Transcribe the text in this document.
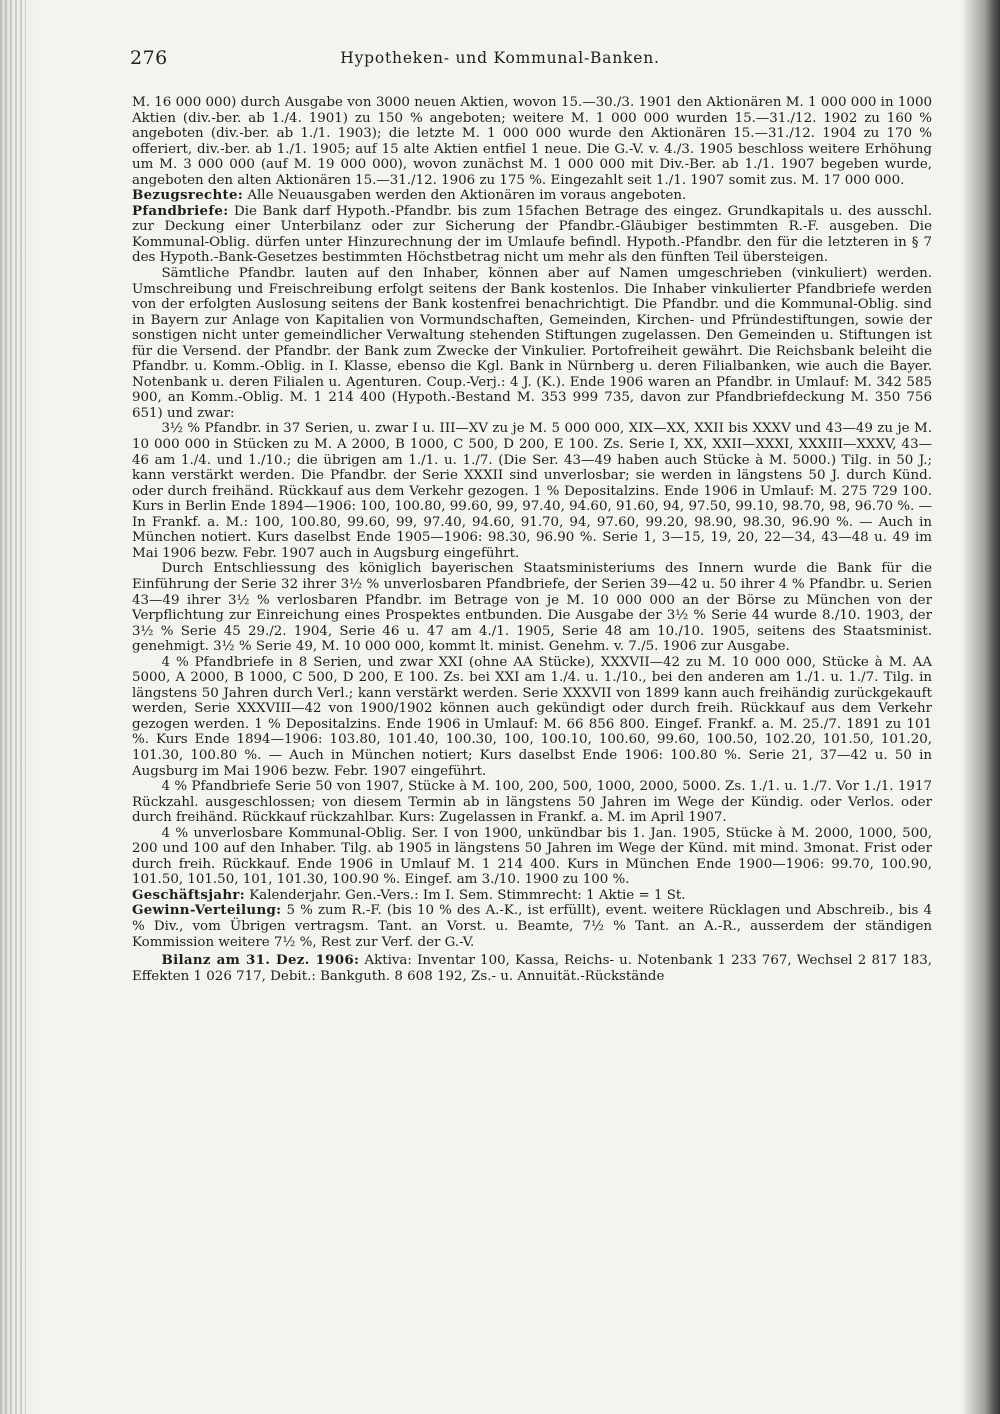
276	Hypotheken- und Kommunal-Banken.

M. 16 000 000) durch Ausgabe von 3000 neuen Aktien, wovon 15.—30./3. 1901 den Aktionären M. 1 000 000 in 1000 Aktien (div.-ber. ab 1./4. 1901) zu 150 % angeboten; weitere M. 1 000 000 wurden 15.—31./12. 1902 zu 160 % angeboten (div.-ber. ab 1./1. 1903); die letzte M. 1 000 000 wurde den Aktionären 15.—31./12. 1904 zu 170 % offeriert, div.-ber. ab 1./1. 1905; auf 15 alte Aktien entfiel 1 neue. Die G.-V. v. 4./3. 1905 beschloss weitere Erhöhung um M. 3 000 000 (auf M. 19 000 000), wovon zunächst M. 1 000 000 mit Div.-Ber. ab 1./1. 1907 begeben wurde, angeboten den alten Aktionären 15.—31./12. 1906 zu 175 %. Eingezahlt seit 1./1. 1907 somit zus. M. 17 000 000.

Bezugsrechte: Alle Neuausgaben werden den Aktionären im voraus angeboten.

Pfandbriefe: Die Bank darf Hypoth.-Pfandbr. bis zum 15fachen Betrage des eingez. Grundkapitals u. des ausschl. zur Deckung einer Unterbilanz oder zur Sicherung der Pfandbr.-Gläubiger bestimmten R.-F. ausgeben. Die Kommunal-Oblig. dürfen unter Hinzurechnung der im Umlaufe befindl. Hypoth.-Pfandbr. den für die letzteren in § 7 des Hypoth.-Bank-Gesetzes bestimmten Höchstbetrag nicht um mehr als den fünften Teil übersteigen.

Sämtliche Pfandbr. lauten auf den Inhaber, können aber auf Namen umgeschrieben (vinkuliert) werden. Umschreibung und Freischreibung erfolgt seitens der Bank kostenlos. Die Inhaber vinkulierter Pfandbriefe werden von der erfolgten Auslosung seitens der Bank kostenfrei benachrichtigt. Die Pfandbr. und die Kommunal-Oblig. sind in Bayern zur Anlage von Kapitalien von Vormundschaften, Gemeinden, Kirchen- und Pfründestiftungen, sowie der sonstigen nicht unter gemeindlicher Verwaltung stehenden Stiftungen zugelassen. Den Gemeinden u. Stiftungen ist für die Versend. der Pfandbr. der Bank zum Zwecke der Vinkulier. Portofreiheit gewährt. Die Reichsbank beleiht die Pfandbr. u. Komm.-Oblig. in I. Klasse, ebenso die Kgl. Bank in Nürnberg u. deren Filialbanken, wie auch die Bayer. Notenbank u. deren Filialen u. Agenturen. Coup.-Verj.: 4 J. (K.). Ende 1906 waren an Pfandbr. in Umlauf: M. 342 585 900, an Komm.-Oblig. M. 1 214 400 (Hypoth.-Bestand M. 353 999 735, davon zur Pfandbriefdeckung M. 350 756 651) und zwar:

3½ % Pfandbr. in 37 Serien, u. zwar I u. III—XV zu je M. 5 000 000, XIX—XX, XXII bis XXXV und 43—49 zu je M. 10 000 000 in Stücken zu M. A 2000, B 1000, C 500, D 200, E 100. Zs. Serie I, XX, XXII—XXXI, XXXIII—XXXV, 43—46 am 1./4. und 1./10.; die übrigen am 1./1. u. 1./7. (Die Ser. 43—49 haben auch Stücke à M. 5000.) Tilg. in 50 J.; kann verstärkt werden. Die Pfandbr. der Serie XXXII sind unverlosbar; sie werden in längstens 50 J. durch Künd. oder durch freihänd. Rückkauf aus dem Verkehr gezogen. 1 % Depositalzins. Ende 1906 in Umlauf: M. 275 729 100. Kurs in Berlin Ende 1894—1906: 100, 100.80, 99.60, 99, 97.40, 94.60, 91.60, 94, 97.50, 99.10, 98.70, 98, 96.70 %. — In Frankf. a. M.: 100, 100.80, 99.60, 99, 97.40, 94.60, 91.70, 94, 97.60, 99.20, 98.90, 98.30, 96.90 %. — Auch in München notiert. Kurs daselbst Ende 1905—1906: 98.30, 96.90 %. Serie 1, 3—15, 19, 20, 22—34, 43—48 u. 49 im Mai 1906 bezw. Febr. 1907 auch in Augsburg eingeführt.

Durch Entschliessung des königlich bayerischen Staatsministeriums des Innern wurde die Bank für die Einführung der Serie 32 ihrer 3½ % unverlosbaren Pfandbriefe, der Serien 39—42 u. 50 ihrer 4 % Pfandbr. u. Serien 43—49 ihrer 3½ % verlosbaren Pfandbr. im Betrage von je M. 10 000 000 an der Börse zu München von der Verpflichtung zur Einreichung eines Prospektes entbunden. Die Ausgabe der 3½ % Serie 44 wurde 8./10. 1903, der 3½ % Serie 45 29./2. 1904, Serie 46 u. 47 am 4./1. 1905, Serie 48 am 10./10. 1905, seitens des Staatsminist. genehmigt. 3½ % Serie 49, M. 10 000 000, kommt lt. minist. Genehm. v. 7./5. 1906 zur Ausgabe.

4 % Pfandbriefe in 8 Serien, und zwar XXI (ohne AA Stücke), XXXVII—42 zu M. 10 000 000, Stücke à M. AA 5000, A 2000, B 1000, C 500, D 200, E 100. Zs. bei XXI am 1./4. u. 1./10., bei den anderen am 1./1. u. 1./7. Tilg. in längstens 50 Jahren durch Verl.; kann verstärkt werden. Serie XXXVII von 1899 kann auch freihändig zurückgekauft werden, Serie XXXVIII—42 von 1900/1902 können auch gekündigt oder durch freih. Rückkauf aus dem Verkehr gezogen werden. 1 % Depositalzins. Ende 1906 in Umlauf: M. 66 856 800. Eingef. Frankf. a. M. 25./7. 1891 zu 101 %. Kurs Ende 1894—1906: 103.80, 101.40, 100.30, 100, 100.10, 100.60, 99.60, 100.50, 102.20, 101.50, 101.20, 101.30, 100.80 %. — Auch in München notiert; Kurs daselbst Ende 1906: 100.80 %. Serie 21, 37—42 u. 50 in Augsburg im Mai 1906 bezw. Febr. 1907 eingeführt.

4 % Pfandbriefe Serie 50 von 1907, Stücke à M. 100, 200, 500, 1000, 2000, 5000. Zs. 1./1. u. 1./7. Vor 1./1. 1917 Rückzahl. ausgeschlossen; von diesem Termin ab in längstens 50 Jahren im Wege der Kündig. oder Verlos. oder durch freihänd. Rückkauf rückzahlbar. Kurs: Zugelassen in Frankf. a. M. im April 1907.

4 % unverlosbare Kommunal-Oblig. Ser. I von 1900, unkündbar bis 1. Jan. 1905, Stücke à M. 2000, 1000, 500, 200 und 100 auf den Inhaber. Tilg. ab 1905 in längstens 50 Jahren im Wege der Künd. mit mind. 3monat. Frist oder durch freih. Rückkauf. Ende 1906 in Umlauf M. 1 214 400. Kurs in München Ende 1900—1906: 99.70, 100.90, 101.50, 101.50, 101, 101.30, 100.90 %. Eingef. am 3./10. 1900 zu 100 %.

Geschäftsjahr: Kalenderjahr. Gen.-Vers.: Im I. Sem. Stimmrecht: 1 Aktie = 1 St.

Gewinn-Verteilung: 5 % zum R.-F. (bis 10 % des A.-K., ist erfüllt), event. weitere Rücklagen und Abschreib., bis 4 % Div., vom Übrigen vertragsm. Tant. an Vorst. u. Beamte, 7½ % Tant. an A.-R., ausserdem der ständigen Kommission weitere 7½ %, Rest zur Verf. der G.-V.

Bilanz am 31. Dez. 1906: Aktiva: Inventar 100, Kassa, Reichs- u. Notenbank 1 233 767, Wechsel 2 817 183, Effekten 1 026 717, Debit.: Bankguth. 8 608 192, Zs.- u. Annuität.-Rückstände
